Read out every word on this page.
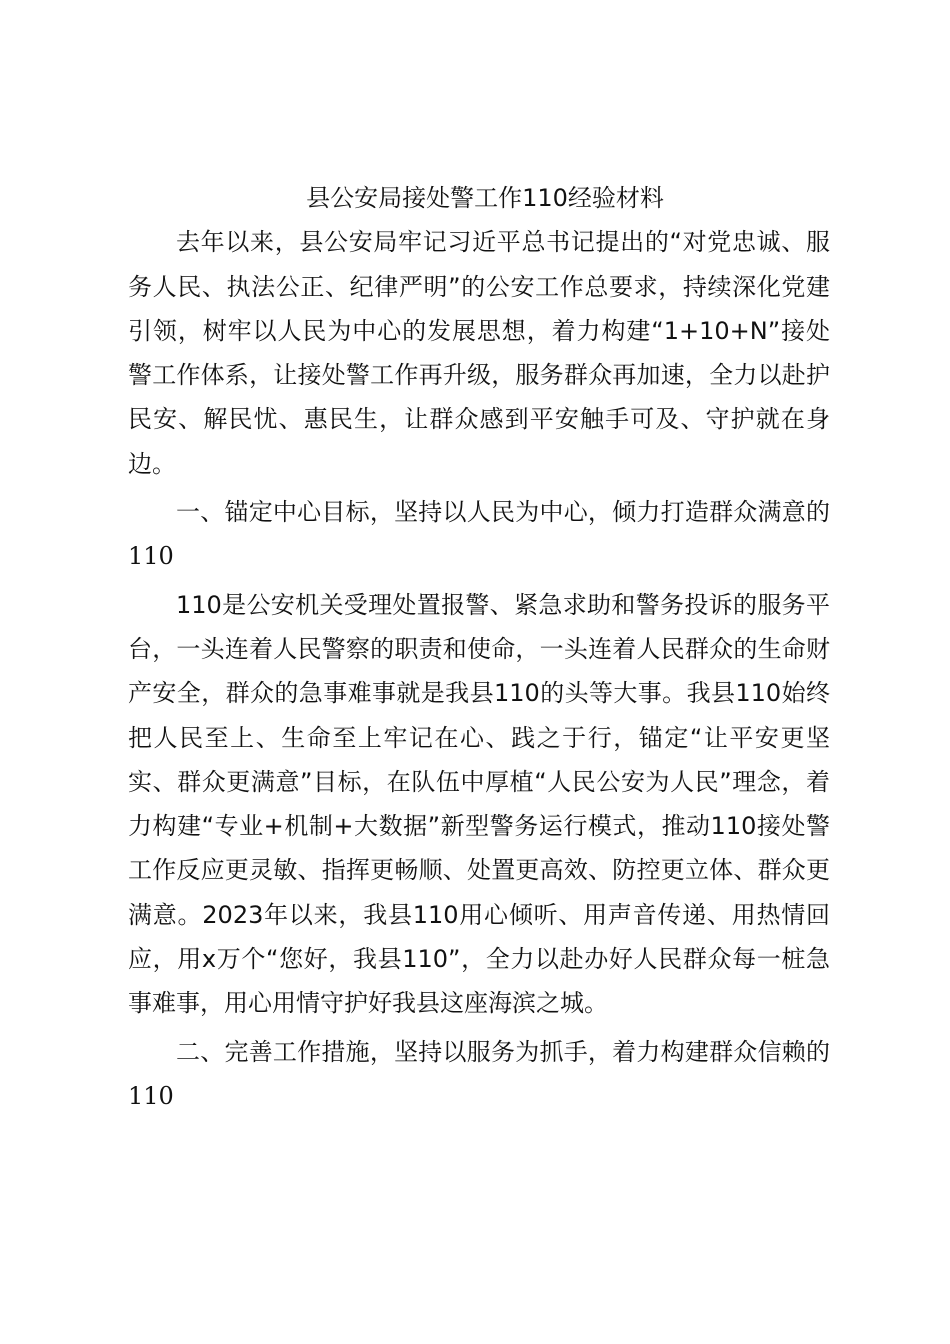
县公安局接处警工作110经验材料

去年以来，县公安局牢记习近平总书记提出的“对党忠诚、服务人民、执法公正、纪律严明”的公安工作总要求，持续深化党建引领，树牢以人民为中心的发展思想，着力构建“1+10+N”接处警工作体系，让接处警工作再升级，服务群众再加速，全力以赴护民安、解民忧、惠民生，让群众感到平安触手可及、守护就在身边。

一、锚定中心目标，坚持以人民为中心，倾力打造群众满意的110

110是公安机关受理处置报警、紧急求助和警务投诉的服务平台，一头连着人民警察的职责和使命，一头连着人民群众的生命财产安全，群众的急事难事就是我县110的头等大事。我县110始终把人民至上、生命至上牢记在心、践之于行，锚定“让平安更坚实、群众更满意”目标，在队伍中厚植“人民公安为人民”理念，着力构建“专业+机制+大数据”新型警务运行模式，推动110接处警工作反应更灵敏、指挥更畅顺、处置更高效、防控更立体、群众更满意。2023年以来，我县110用心倾听、用声音传递、用热情回应，用x万个“您好，我县110”，全力以赴办好人民群众每一桩急事难事，用心用情守护好我县这座海滨之城。

二、完善工作措施，坚持以服务为抓手，着力构建群众信赖的110
